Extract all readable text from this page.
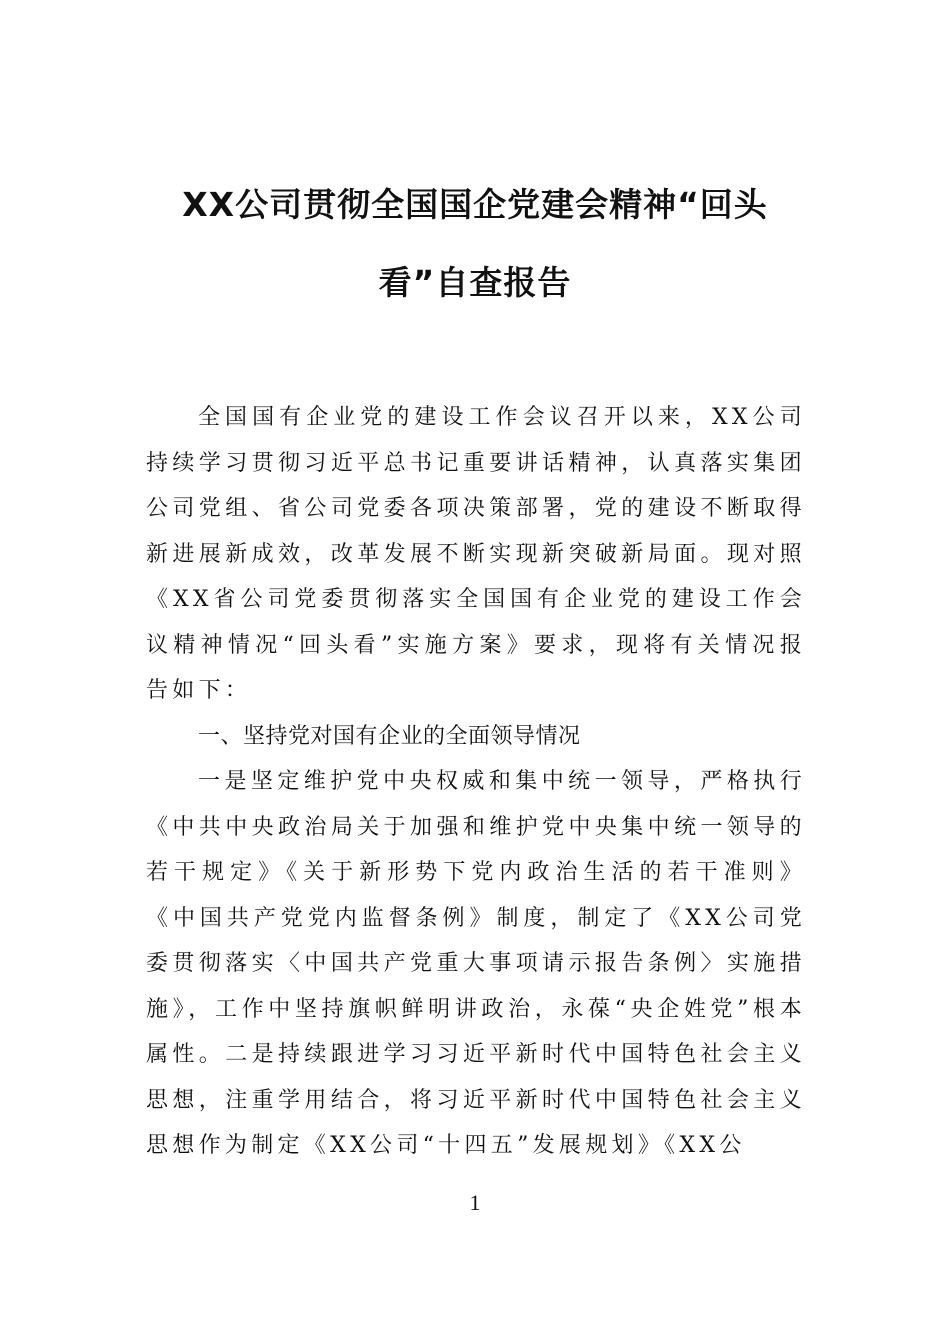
XX公司贯彻全国国企党建会精神“回头
看”自查报告

全国国有企业党的建设工作会议召开以来，XX公司持续学习贯彻习近平总书记重要讲话精神，认真落实集团公司党组、省公司党委各项决策部署，党的建设不断取得新进展新成效，改革发展不断实现新突破新局面。现对照《XX省公司党委贯彻落实全国国有企业党的建设工作会议精神情况“回头看”实施方案》要求，现将有关情况报告如下：

一、坚持党对国有企业的全面领导情况

一是坚定维护党中央权威和集中统一领导，严格执行《中共中央政治局关于加强和维护党中央集中统一领导的若干规定》《关于新形势下党内政治生活的若干准则》《中国共产党党内监督条例》制度，制定了《XX公司党委贯彻落实〈中国共产党重大事项请示报告条例〉实施措施》，工作中坚持旗帜鲜明讲政治，永葆“央企姓党”根本属性。二是持续跟进学习习近平新时代中国特色社会主义思想，注重学用结合，将习近平新时代中国特色社会主义思想作为制定《XX公司“十四五”发展规划》《XX公

1
